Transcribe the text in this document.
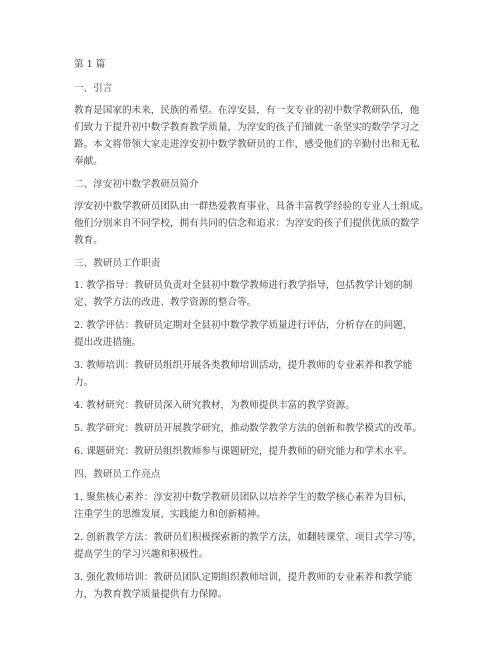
第 1 篇
一、引言
教育是国家的未来，民族的希望。在淳安县，有一支专业的初中数学教研队伍，他
们致力于提升初中数学教育教学质量，为淳安的孩子们铺就一条坚实的数学学习之
路。本文将带领大家走进淳安初中数学教研员的工作，感受他们的辛勤付出和无私
奉献。
二、淳安初中数学教研员简介
淳安初中数学教研员团队由一群热爱教育事业、具备丰富教学经验的专业人士组成。
他们分别来自不同学校，拥有共同的信念和追求：为淳安的孩子们提供优质的数学
教育。
三、教研员工作职责
1. 教学指导：教研员负责对全县初中数学教师进行教学指导，包括教学计划的制
定、教学方法的改进、教学资源的整合等。
2. 教学评估：教研员定期对全县初中数学教学质量进行评估，分析存在的问题，
提出改进措施。
3. 教师培训：教研员组织开展各类教师培训活动，提升教师的专业素养和教学能
力。
4. 教材研究：教研员深入研究教材，为教师提供丰富的教学资源。
5. 教学研究：教研员开展教学研究，推动数学教学方法的创新和教学模式的改革。
6. 课题研究：教研员组织教师参与课题研究，提升教师的研究能力和学术水平。
四、教研员工作亮点
1. 聚焦核心素养：淳安初中数学教研员团队以培养学生的数学核心素养为目标，
注重学生的思维发展、实践能力和创新精神。
2. 创新教学方法：教研员们积极探索新的教学方法，如翻转课堂、项目式学习等，
提高学生的学习兴趣和积极性。
3. 强化教师培训：教研员团队定期组织教师培训，提升教师的专业素养和教学能
力，为教育教学质量提供有力保障。
